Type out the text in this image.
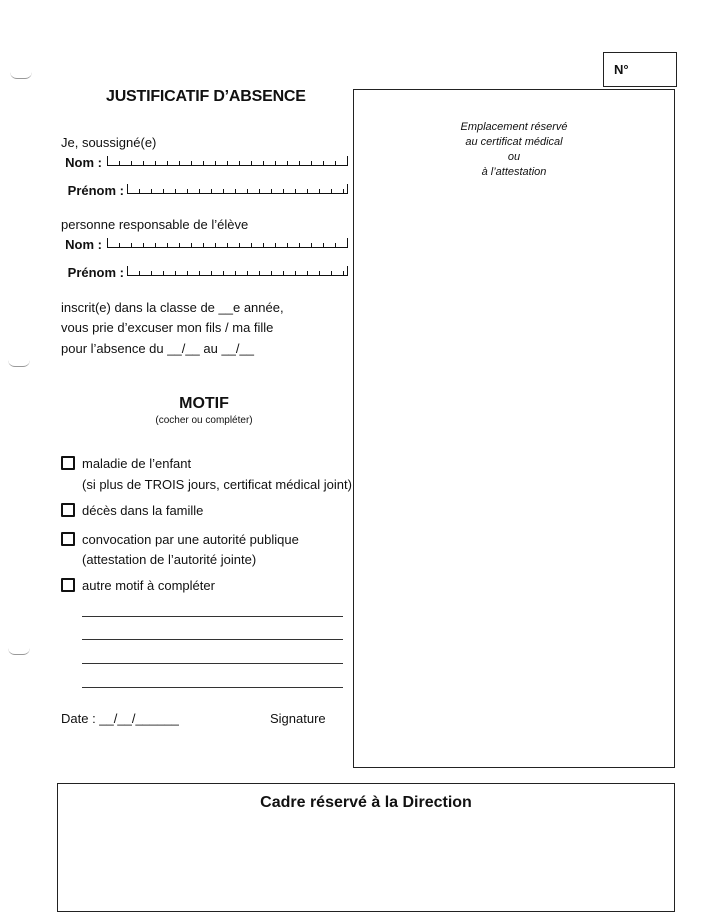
JUSTIFICATIF D’ABSENCE
N°
Je, soussigné(e)
Nom :
Prénom :
personne responsable de l’élève
Nom :
Prénom :
inscrit(e) dans la classe de __e année,
vous prie d’excuser mon fils / ma fille
pour l’absence du __/__ au __/__
MOTIF
(cocher ou compléter)
maladie de l’enfant
(si plus de TROIS jours, certificat médical joint)
décès dans la famille
convocation par une autorité publique
(attestation de l’autorité jointe)
autre motif à compléter
Date : __/__/______	Signature
Emplacement réservé
au certificat médical
ou
à l’attestation
Cadre réservé à la Direction
